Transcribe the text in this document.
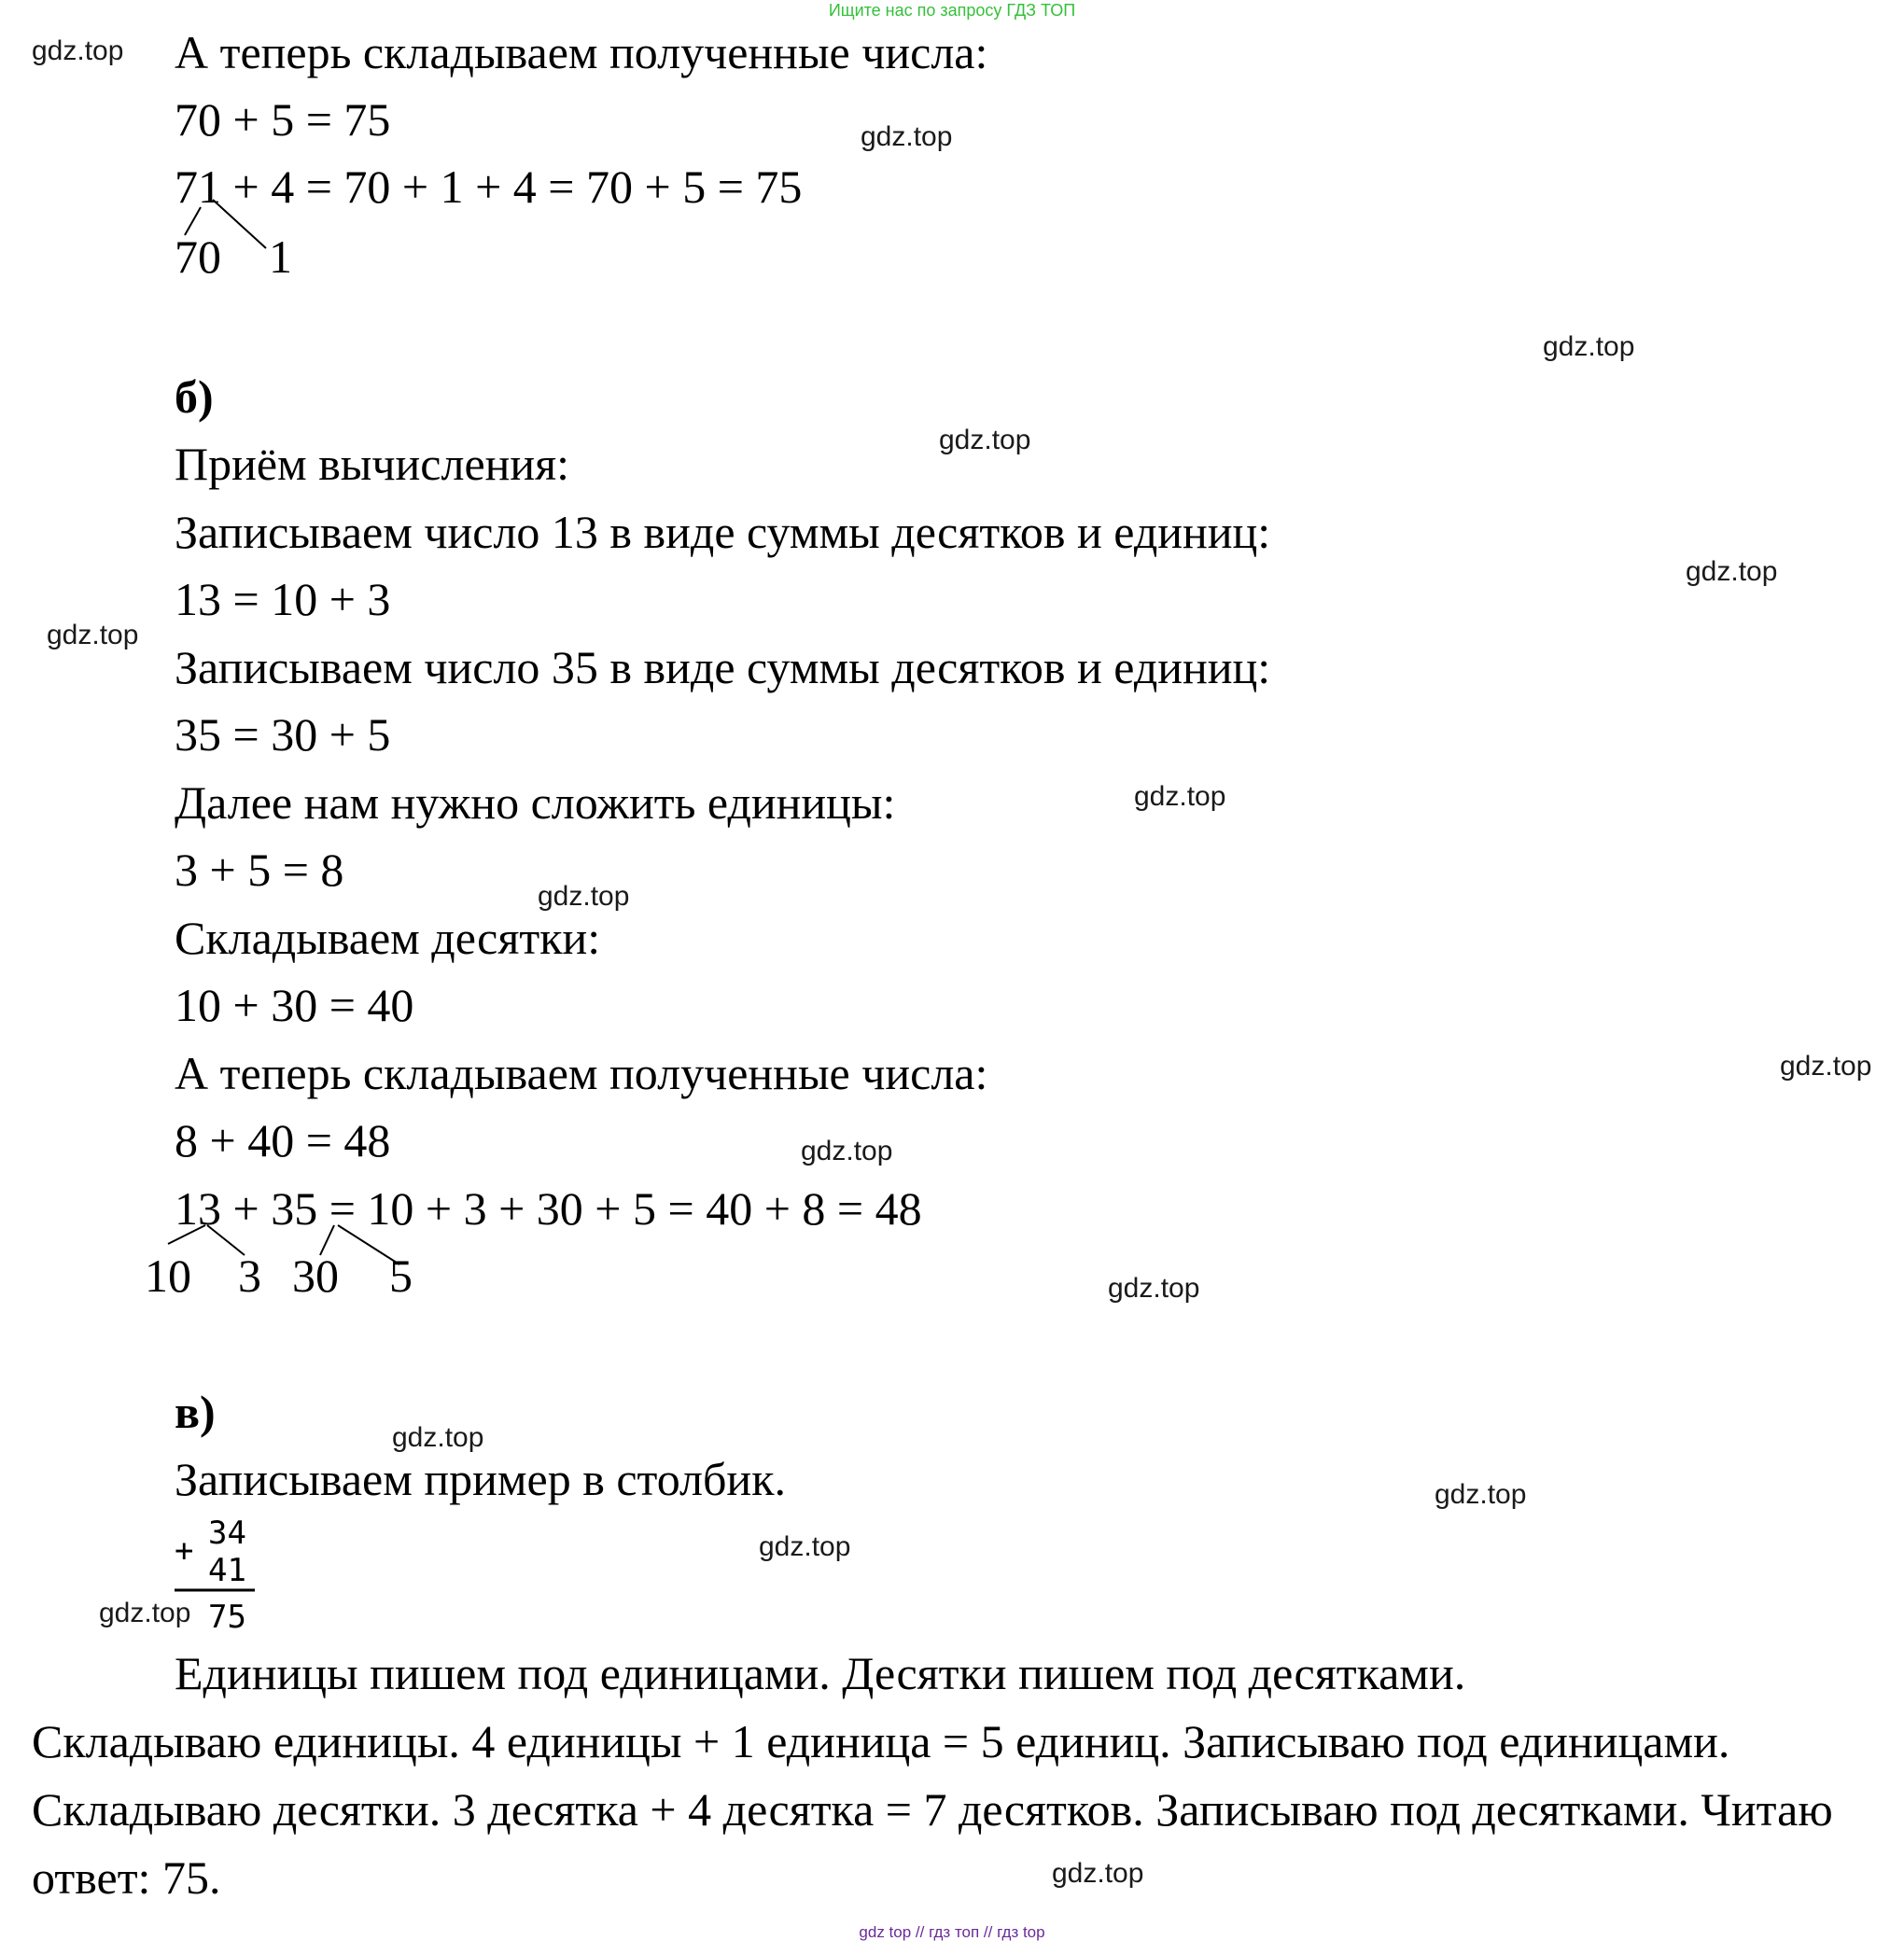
Ищите нас по запросу ГДЗ ТОП
А теперь складываем полученные числа:
70 + 5 = 75
71 + 4 = 70 + 1 + 4 = 70 + 5 = 75
70 1
б)
Приём вычисления:
Записываем число 13 в виде суммы десятков и единиц:
13 = 10 + 3
Записываем число 35 в виде суммы десятков и единиц:
35 = 30 + 5
Далее нам нужно сложить единицы:
3 + 5 = 8
Складываем десятки:
10 + 30 = 40
А теперь складываем полученные числа:
8 + 40 = 48
13 + 35 = 10 + 3 + 30 + 5 = 40 + 8 = 48
10 3 30 5
в)
Записываем пример в столбик.
+ 34
41
75
Единицы пишем под единицами. Десятки пишем под десятками.
Складываю единицы. 4 единицы + 1 единица = 5 единиц. Записываю под единицами. Складываю десятки. 3 десятка + 4 десятка = 7 десятков. Записываю под десятками. Читаю ответ: 75.
gdz.top
gdz.top
gdz.top
gdz.top
gdz.top
gdz.top
gdz.top
gdz.top
gdz.top
gdz.top
gdz.top
gdz.top
gdz.top
gdz.top
gdz.top
gdz.top
gdz top // гдз топ // гдз top
